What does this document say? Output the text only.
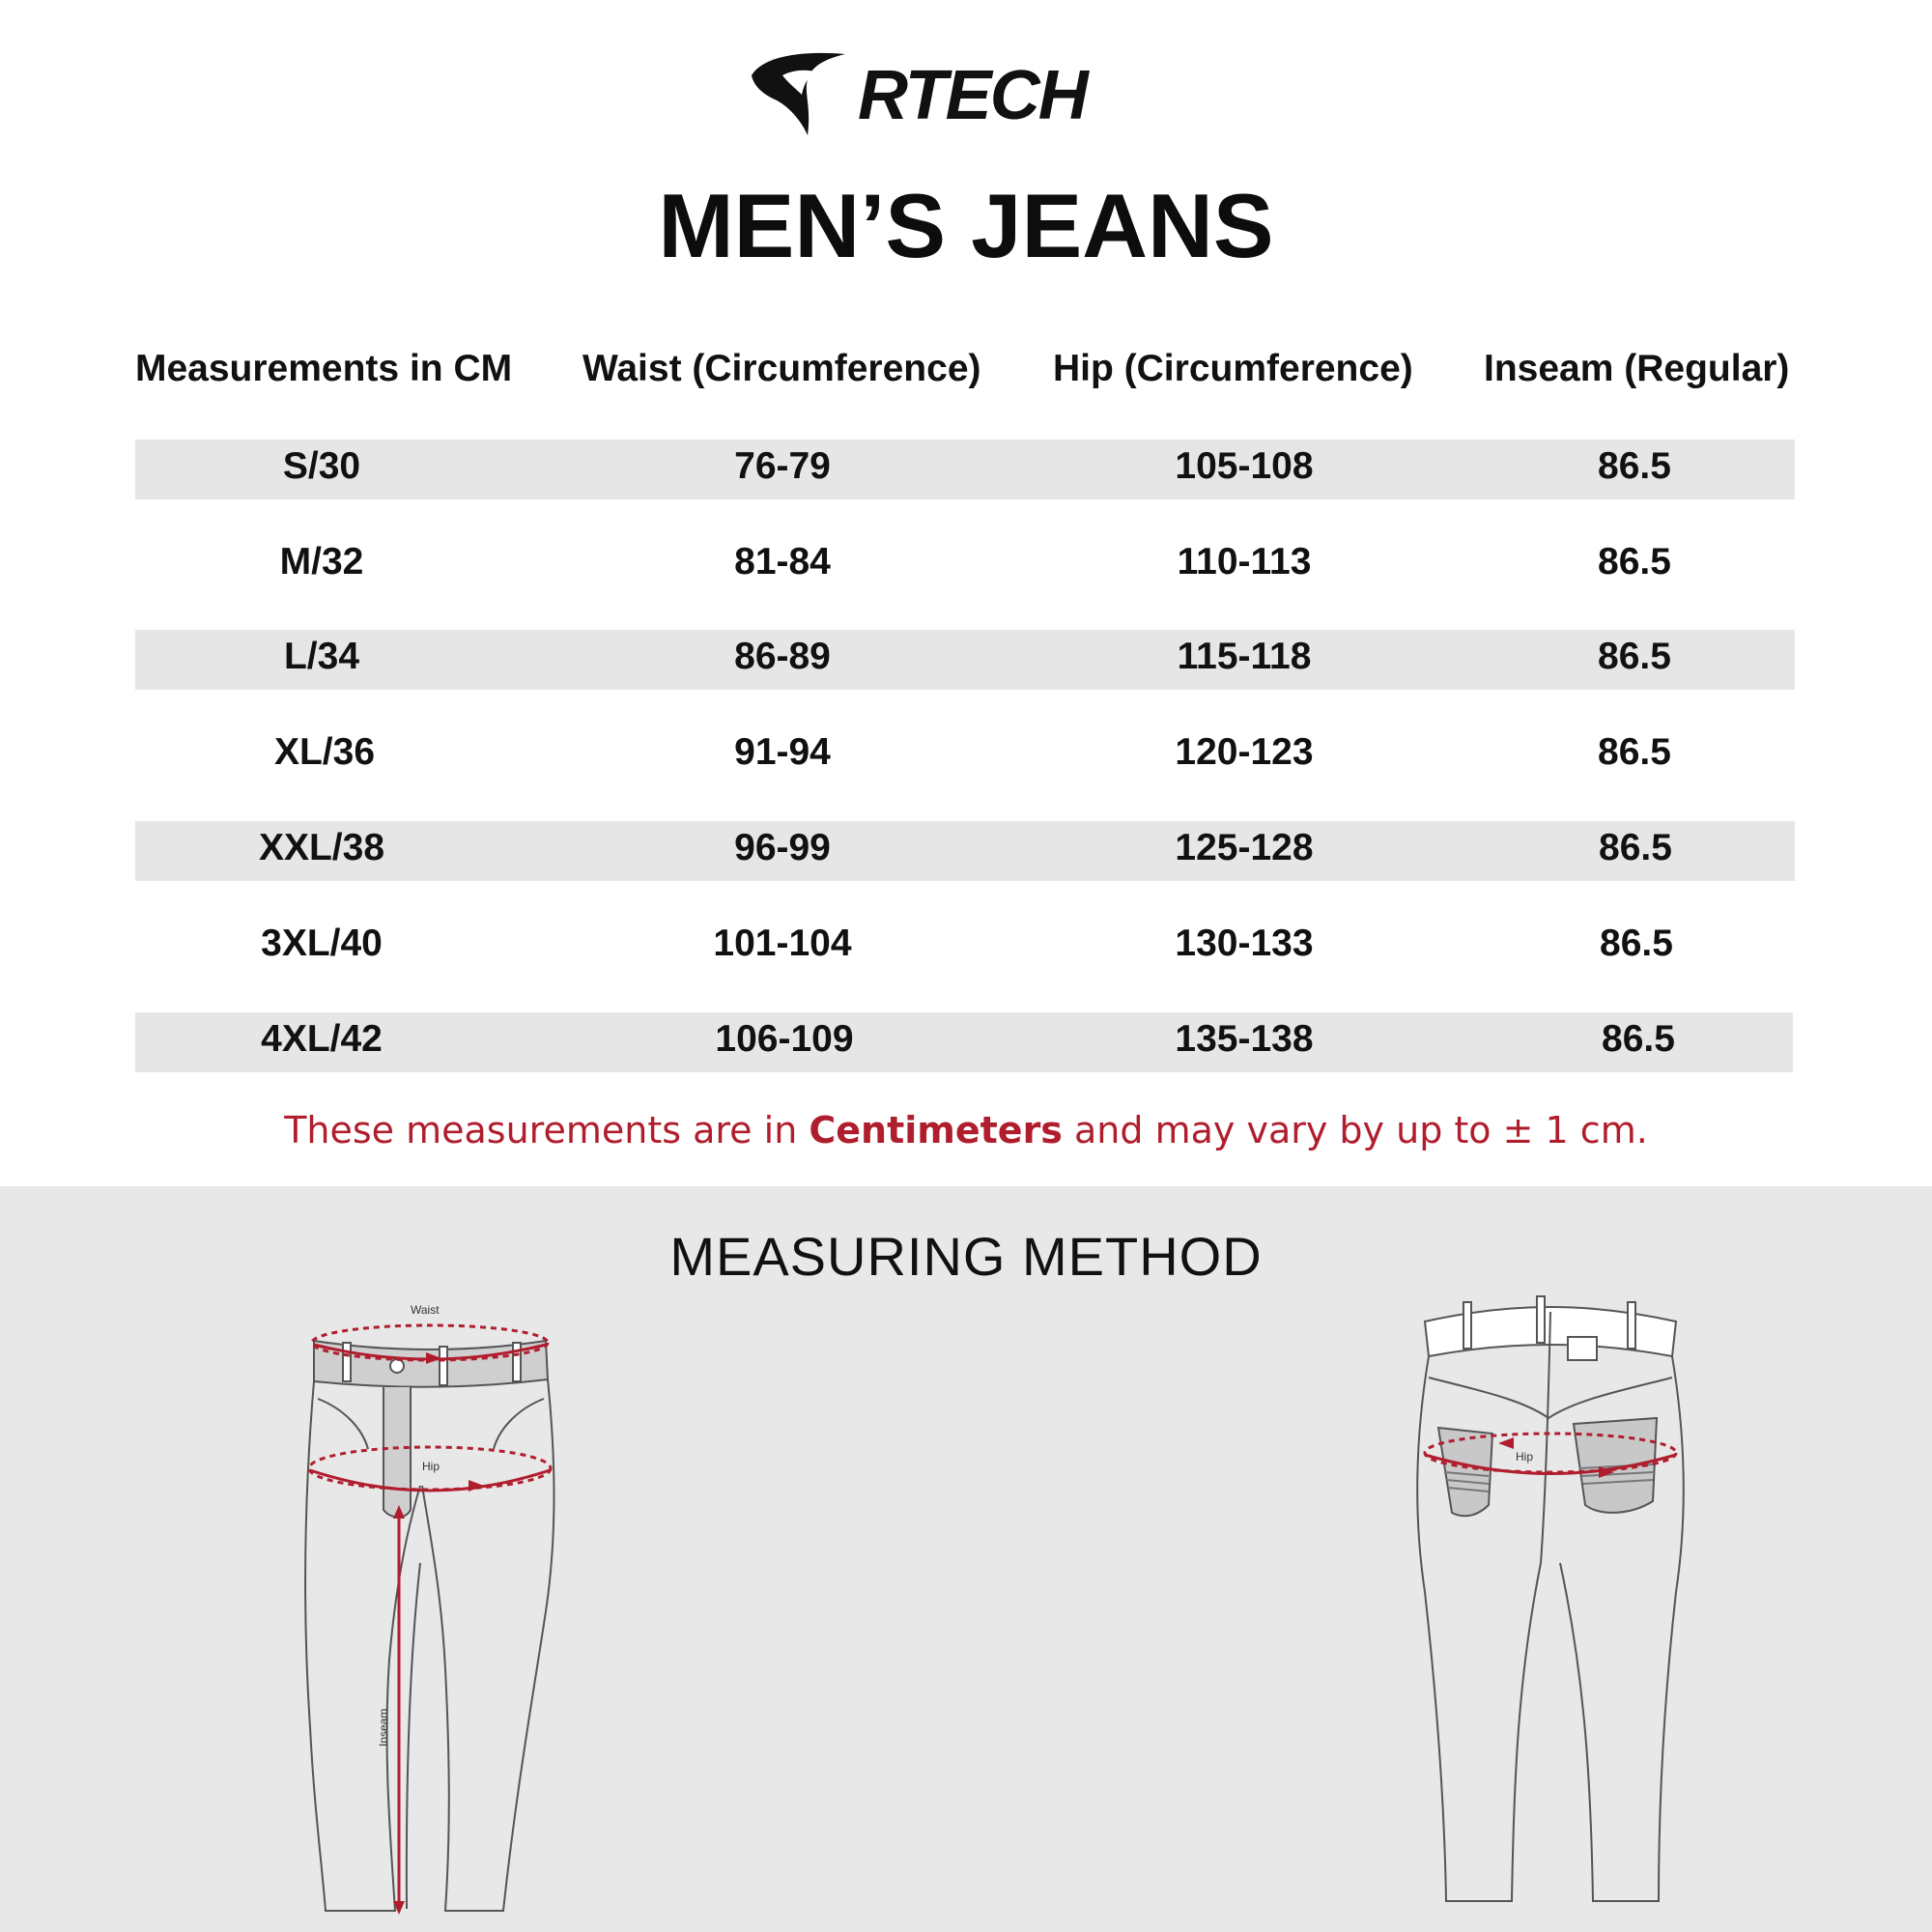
RTECH
MEN’S JEANS
Measurements in CM Waist (Circumference) Hip (Circumference) Inseam (Regular)
S/30	76-79	105-108	86.5
M/32	81-84	110-113	86.5
L/34	86-89	115-118	86.5
XL/36	91-94	120-123	86.5
XXL/38	96-99	125-128	86.5
3XL/40	101-104	130-133	86.5
4XL/42	106-109	135-138	86.5
These measurements are in Centimeters and may vary by up to ± 1 cm.
MEASURING METHOD
Waist
Hip
Inseam
Hip
